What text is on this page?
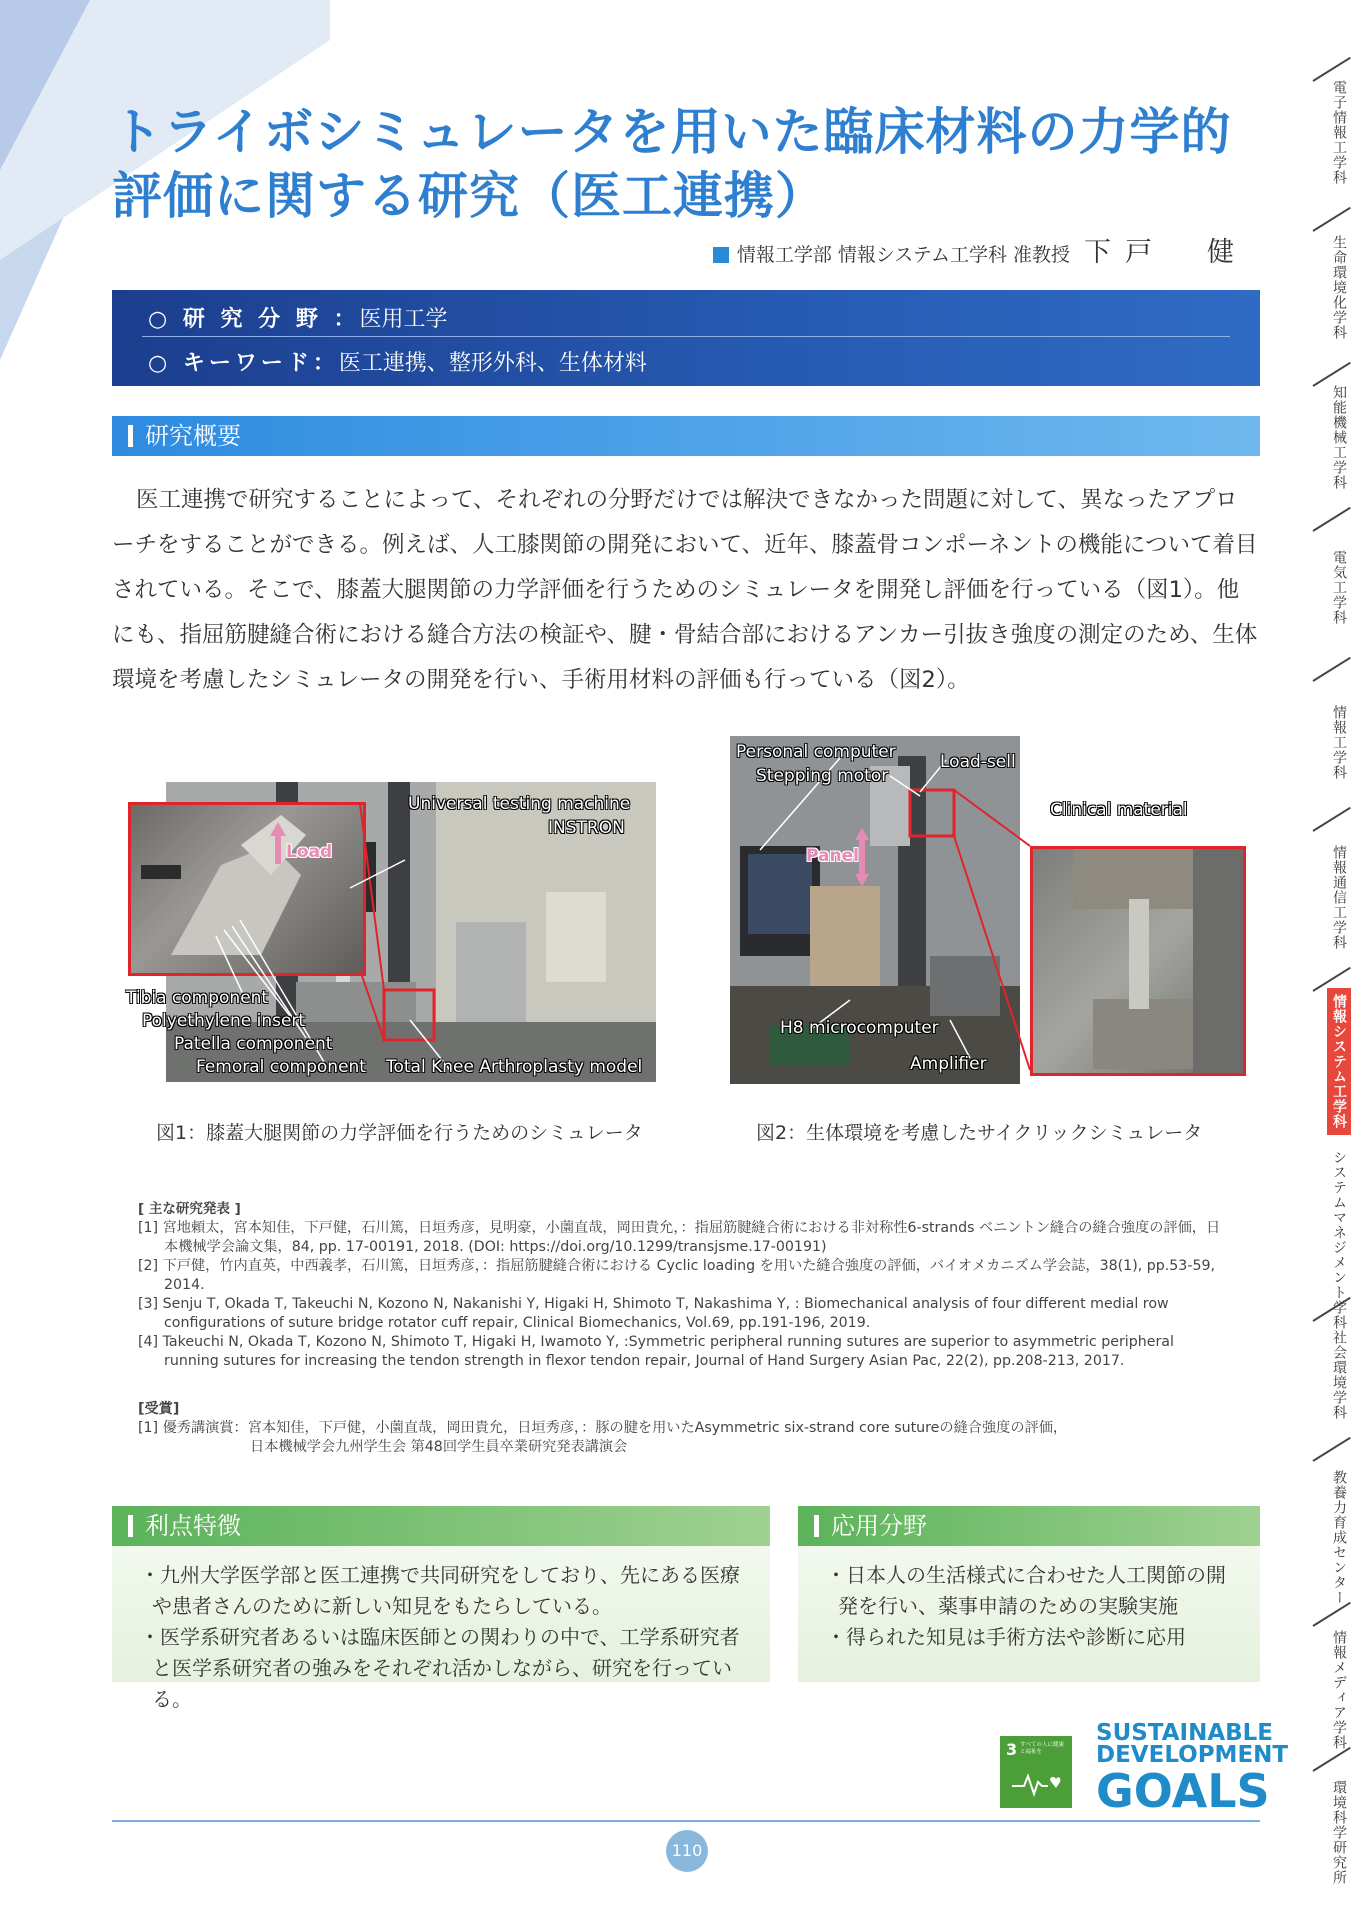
トライボシミュレータを用いた臨床材料の力学的
評価に関する研究（医工連携）
情報工学部 情報システム工学科 准教授 下戸　健
○ 研 究 分 野 ：医用工学
○ キーワード：医工連携、整形外科、生体材料
研究概要
医工連携で研究することによって、それぞれの分野だけでは解決できなかった問題に対して、異なったアプローチをすることができる。例えば、人工膝関節の開発において、近年、膝蓋骨コンポーネントの機能について着目されている。そこで、膝蓋大腿関節の力学評価を行うためのシミュレータを開発し評価を行っている（図1）。他にも、指屈筋腱縫合術における縫合方法の検証や、腱・骨結合部におけるアンカー引抜き強度の測定のため、生体環境を考慮したシミュレータの開発を行い、手術用材料の評価も行っている（図2）。
Load
Universal testing machine
INSTRON
Tibia component
Polyethylene insert
Patella component
Femoral component Total Knee Arthroplasty model
図1：膝蓋大腿関節の力学評価を行うためのシミュレータ
Panel
Personal computer
Stepping motor
Load-sell
Clinical material
H8 microcomputer
Amplifier
図2：生体環境を考慮したサイクリックシミュレータ
[ 主な研究発表 ]
[1] 宮地頼太，宮本知佳，下戸健，石川篤，日垣秀彦，見明豪，小薗直哉，岡田貴允，：指屈筋腱縫合術における非対称性6-strands ベニントン縫合の縫合強度の評価，日本機械学会論文集，84, pp. 17-00191, 2018. (DOI: https://doi.org/10.1299/transjsme.17-00191)
[2] 下戸健，竹内直英，中西義孝，石川篤，日垣秀彦，：指屈筋腱縫合術における Cyclic loading を用いた縫合強度の評価，バイオメカニズム学会誌，38(1), pp.53-59, 2014.
[3] Senju T, Okada T, Takeuchi N, Kozono N, Nakanishi Y, Higaki H, Shimoto T, Nakashima Y, : Biomechanical analysis of four different medial row configurations of suture bridge rotator cuff repair, Clinical Biomechanics, Vol.69, pp.191-196, 2019.
[4] Takeuchi N, Okada T, Kozono N, Shimoto T, Higaki H, Iwamoto Y, :Symmetric peripheral running sutures are superior to asymmetric peripheral running sutures for increasing the tendon strength in flexor tendon repair, Journal of Hand Surgery Asian Pac, 22(2), pp.208-213, 2017.
[受賞]
[1] 優秀講演賞：宮本知佳，下戸健，小薗直哉，岡田貴允，日垣秀彦，：豚の腱を用いたAsymmetric six-strand core sutureの縫合強度の評価，
日本機械学会九州学生会 第48回学生員卒業研究発表講演会
利点特徴

・九州大学医学部と医工連携で共同研究をしており、先にある医療や患者さんのために新しい知見をもたらしている。

・医学系研究者あるいは臨床医師との関わりの中で、工学系研究者と医学系研究者の強みをそれぞれ活かしながら、研究を行っている。

応用分野

・日本人の生活様式に合わせた人工関節の開発を行い、薬事申請のための実験実施

・得られた知見は手術方法や診断に応用

3 すべての人に健康と福祉を
SUSTAINABLE
DEVELOPMENT
GOALS
110
電子情報工学科
生命環境化学科
知能機械工学科
電気工学科
情報工学科
情報通信工学科
情報システム工学科
システムマネジメント学科
社会環境学科
教養力育成センター
情報メディア学科
環境科学研究所
